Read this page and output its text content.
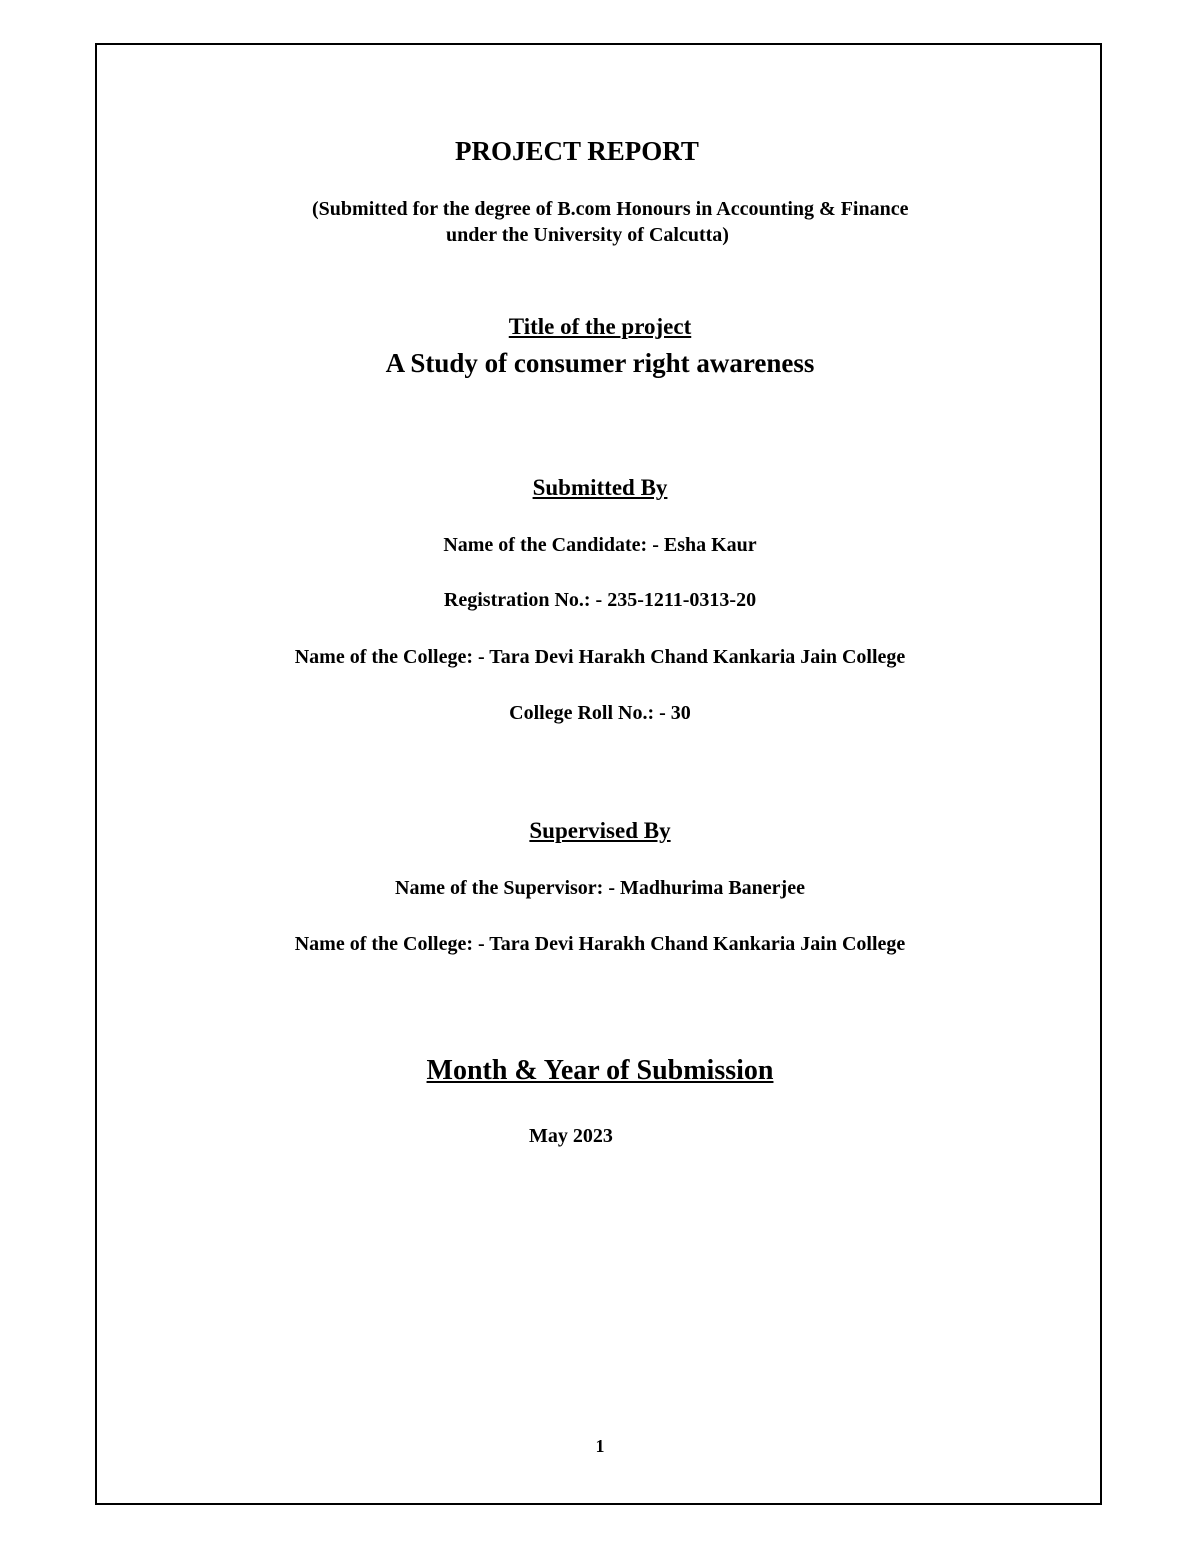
PROJECT REPORT
(Submitted for the degree of B.com Honours in Accounting & Finance
under the University of Calcutta)
Title of the project
A Study of consumer right awareness
Submitted By
Name of the Candidate: - Esha Kaur
Registration No.: - 235-1211-0313-20
Name of the College: - Tara Devi Harakh Chand Kankaria Jain College
College Roll No.: - 30
Supervised By
Name of the Supervisor: - Madhurima Banerjee
Name of the College: - Tara Devi Harakh Chand Kankaria Jain College
Month & Year of Submission
May 2023
1
